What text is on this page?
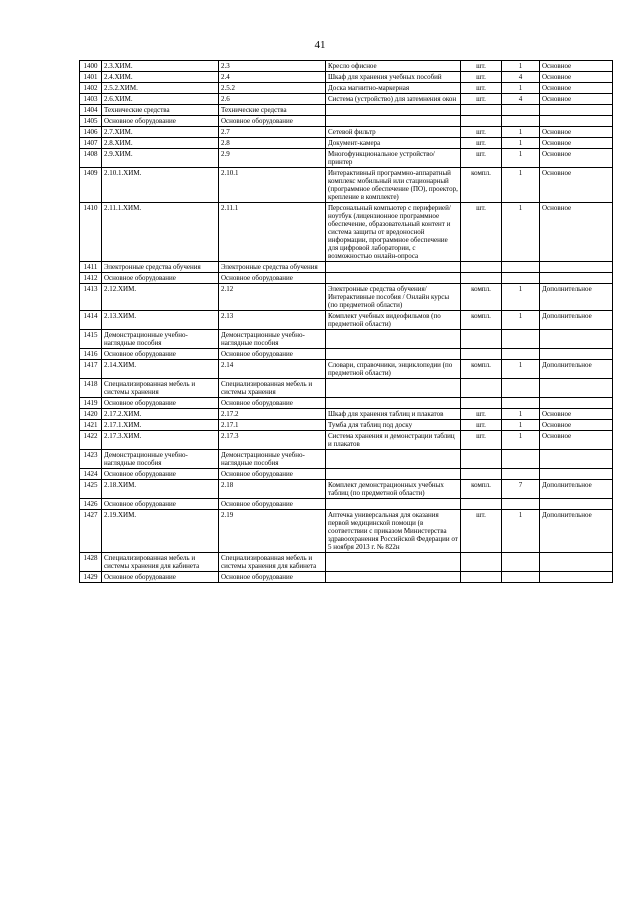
41
1400	2.3.ХИМ.	2.3	Кресло офисное	шт.	1	Основное
1401	2.4.ХИМ.	2.4	Шкаф для хранения учебных пособий	шт.	4	Основное
1402	2.5.2.ХИМ.	2.5.2	Доска магнитно-маркерная	шт.	1	Основное
1403	2.6.ХИМ.	2.6	Система (устройство) для затемнения окон	шт.	4	Основное
1404	Технические средства	Технические средства				
1405	Основное оборудование	Основное оборудование				
1406	2.7.ХИМ.	2.7	Сетевой фильтр	шт.	1	Основное
1407	2.8.ХИМ.	2.8	Документ-камера	шт.	1	Основное
1408	2.9.ХИМ.	2.9	Многофункциональное устройство/принтер	шт.	1	Основное
1409	2.10.1.ХИМ.	2.10.1	Интерактивный программно-аппаратный комплекс мобильный или стационарный (программное обеспечение (ПО), проектор, крепление в комплекте)	компл.	1	Основное
1410	2.11.1.ХИМ.	2.11.1	Персональный компьютер с периферией/ноутбук (лицензионное программное обеспечение, образовательный контент и система защиты от вредоносной информации, программное обеспечение для цифровой лаборатории, с возможностью онлайн-опроса	шт.	1	Основное
1411	Электронные средства обучения	Электронные средства обучения				
1412	Основное оборудование	Основное оборудование				
1413	2.12.ХИМ.	2.12	Электронные средства обучения/Интерактивные пособия / Онлайн курсы (по предметной области)	компл.	1	Дополнительное
1414	2.13.ХИМ.	2.13	Комплект учебных видеофильмов (по предметной области)	компл.	1	Дополнительное
1415	Демонстрационные учебно-наглядные пособия	Демонстрационные учебно-наглядные пособия				
1416	Основное оборудование	Основное оборудование				
1417	2.14.ХИМ.	2.14	Словари, справочники, энциклопедии (по предметной области)	компл.	1	Дополнительное
1418	Специализированная мебель и системы хранения	Специализированная мебель и системы хранения				
1419	Основное оборудование	Основное оборудование				
1420	2.17.2.ХИМ.	2.17.2	Шкаф для хранения таблиц и плакатов	шт.	1	Основное
1421	2.17.1.ХИМ.	2.17.1	Тумба для таблиц под доску	шт.	1	Основное
1422	2.17.3.ХИМ.	2.17.3	Система хранения и демонстрации таблиц и плакатов	шт.	1	Основное
1423	Демонстрационные учебно-наглядные пособия	Демонстрационные учебно-наглядные пособия				
1424	Основное оборудование	Основное оборудование				
1425	2.18.ХИМ.	2.18	Комплект демонстрационных учебных таблиц (по предметной области)	компл.	7	Дополнительное
1426	Основное оборудование	Основное оборудование				
1427	2.19.ХИМ.	2.19	Аптечка универсальная для оказания первой медицинской помощи (в соответствии с приказом Министерства здравоохранения Российской Федерации от 5 ноября 2013 г. № 822н	шт.	1	Дополнительное
1428	Специализированная мебель и системы хранения для кабинета	Специализированная мебель и системы хранения для кабинета				
1429	Основное оборудование	Основное оборудование				
